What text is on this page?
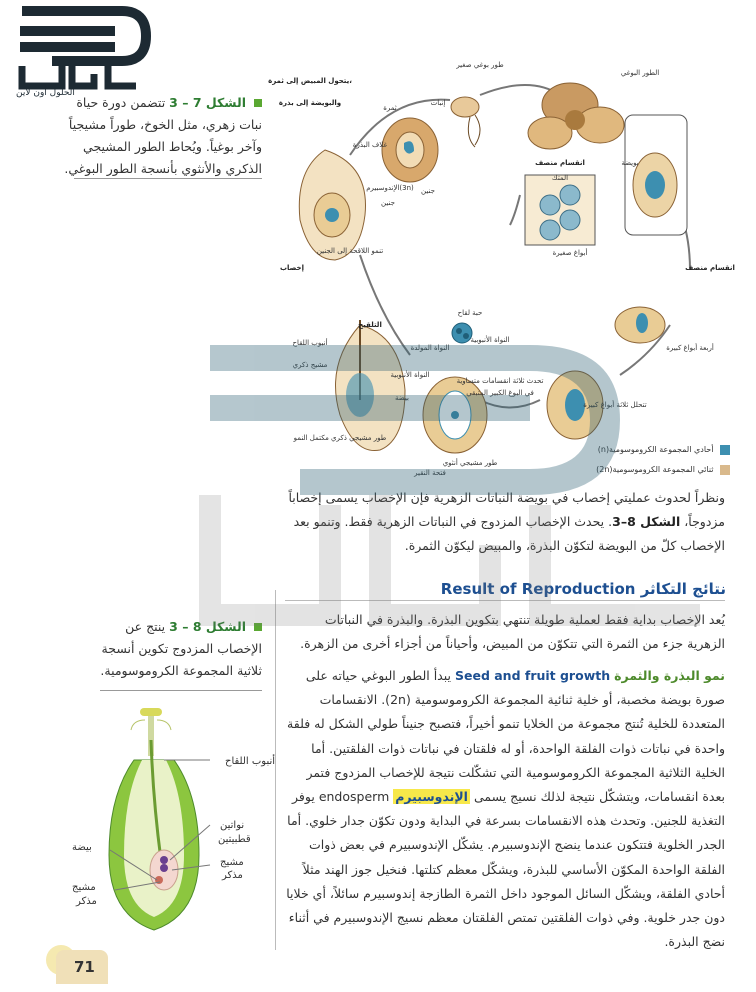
الحلول اون لاين
الشكل 7 – 3 تتضمن دورة حياة نبات زهري، مثل الخوخ، طوراً مشيجياً وآخر بوغياً. ويُحاط الطور المشيجي الذكري والأنثوي بأنسجة الطور البوغي.
طور بوغي صغير
الطور البوغي
إنبات
يتحول المبيض إلى ثمرة،
والبويضة إلى بذرة
ثمرة
غلاف البذرة
جنين
الإندوسبيرم(3n)
جنين
تنمو اللاقحة إلى الجنين
إخصاب
انقسام منصف
المتك
أبواغ صغيرة
بويضة
انقسام منصف
أربعة أبواغ كبيرة
تتحلل ثلاثة أبواغ كبيرة
حبة لقاح
النواة الأنبوبية
النواة المولدة
التلقيح
أنبوب اللقاح
مشيج ذكري
النواة الأنبوبية
بيضة
طور مشيجي ذكري مكتمل النمو
طور مشيجي أنثوي
فتحة النقير
تحدث ثلاثة انقسامات متساوية
في البوغ الكبير المتبقي
أحادي المجموعة الكروموسومية(n)
ثنائي المجموعة الكروموسومية(2n)
ونظراً لحدوث عمليتي إخصاب في بويضة النباتات الزهرية فإن الإخصاب يسمى إخصاباً مزدوجاً، الشكل 8–3. يحدث الإخصاب المزدوج في النباتات الزهرية فقط. وتنمو بعد الإخصاب كلّ من البويضة لتكوّن البذرة، والمبيض ليكوّن الثمرة.
نتائج التكاثر Result of Reproduction
يُعد الإخصاب بداية فقط لعملية طويلة تنتهي بتكوين البذرة. والبذرة في النباتات الزهرية جزء من الثمرة التي تتكوّن من المبيض، وأحياناً من أجزاء أخرى من الزهرة.
نمو البذرة والثمرة Seed and fruit growth يبدأ الطور البوغي حياته على صورة بويضة مخصبة، أو خلية ثنائية المجموعة الكروموسومية (2n). الانقسامات المتعددة للخلية تُنتج مجموعة من الخلايا تنمو أخيراً، فتصبح جنيناً طولي الشكل له فلقة واحدة في نباتات ذوات الفلقة الواحدة، أو له فلقتان في نباتات ذوات الفلقتين. أما الخلية الثلاثية المجموعة الكروموسومية التي تشكّلت نتيجة للإخصاب المزدوج فتمر بعدة انقسامات، ويتشكّل نتيجة لذلك نسيج يسمى الإندوسبيرم endosperm يوفر التغذية للجنين. وتحدث هذه الانقسامات بسرعة في البداية ودون تكوّن جدار خلوي. أما الجدر الخلوية فتتكون عندما ينضج الإندوسبيرم. يشكّل الإندوسبيرم في بعض ذوات الفلقة الواحدة المكوّن الأساسي للبذرة، ويشكّل معظم كتلتها. فنخيل جوز الهند مثلاً أحادي الفلقة، ويشكّل السائل الموجود داخل الثمرة الطازجة إندوسبيرم سائلاً، أي خلايا دون جدر خلوية. وفي ذوات الفلقتين تمتص الفلقتان معظم نسيج الإندوسبيرم في أثناء نضج البذرة.
الشكل 8 – 3 ينتج عن الإخصاب المزدوج تكوين أنسجة ثلاثية المجموعة الكروموسومية.
أنبوب اللقاح
نواتين
قطبيتين
بيضة
مشيج
مذكر
مشيج
مذكر
71
